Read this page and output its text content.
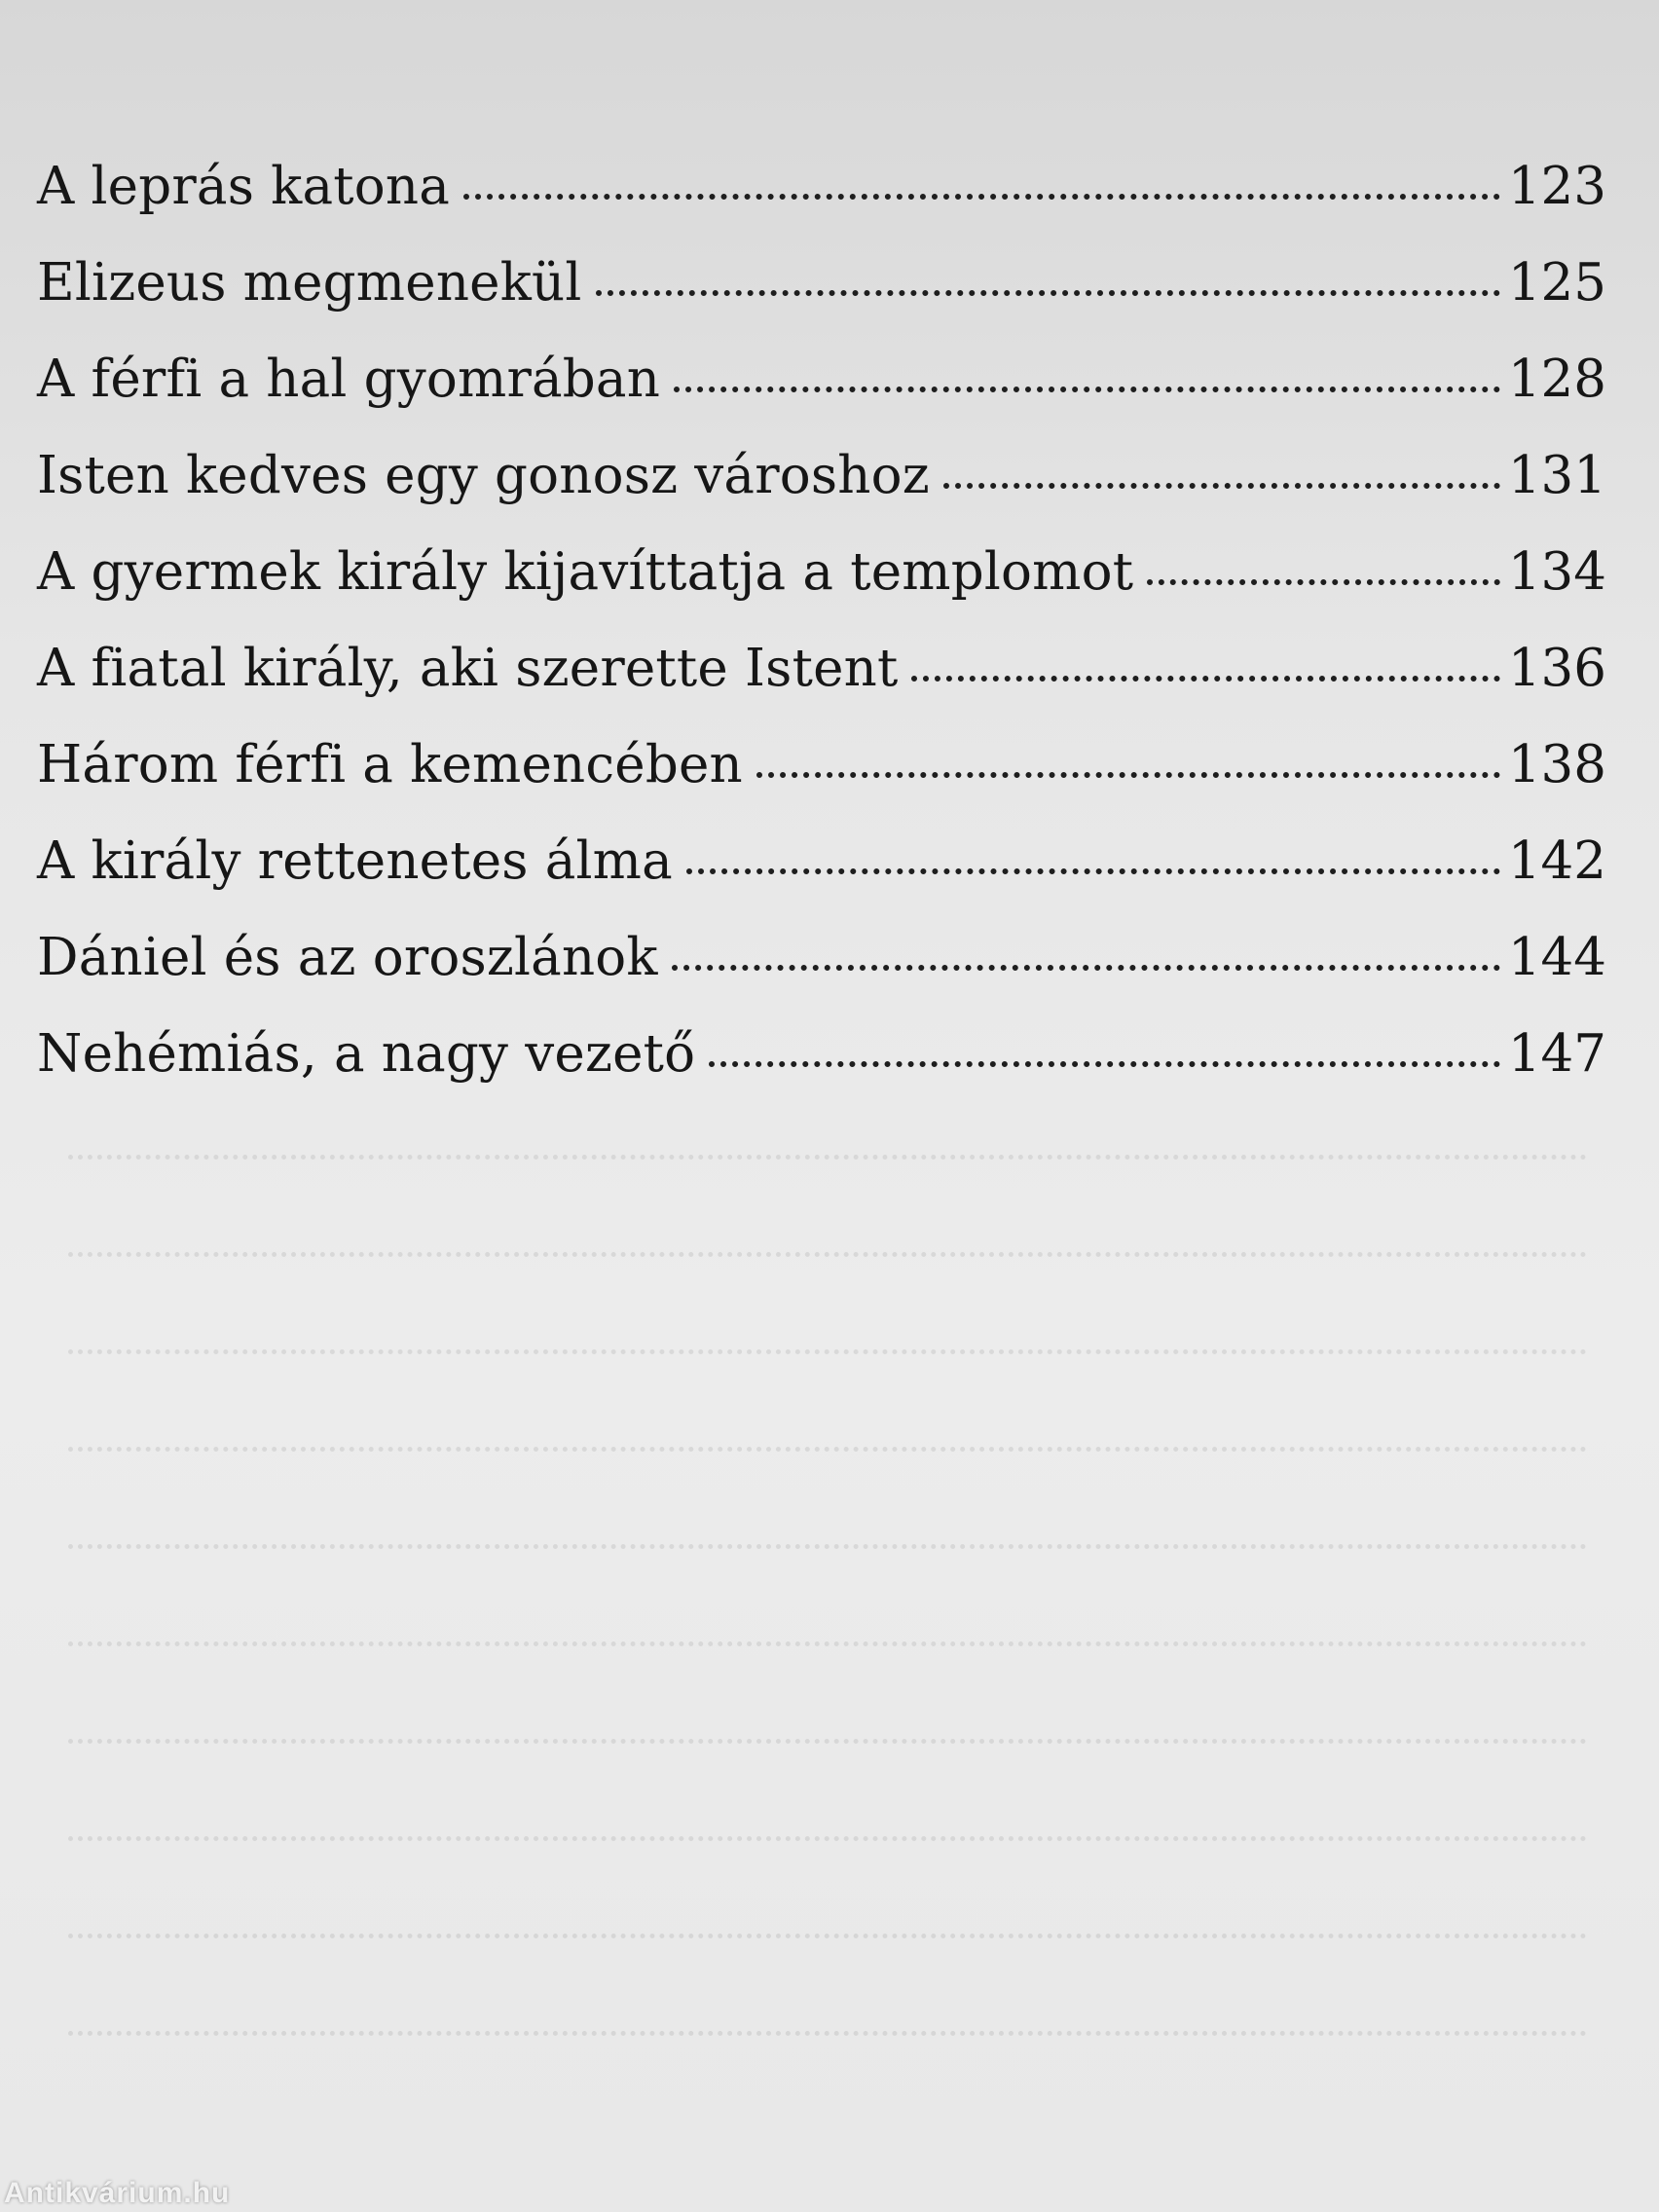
A leprás katona	123
Elizeus megmenekül	125
A férfi a hal gyomrában	128
Isten kedves egy gonosz városhoz	131
A gyermek király kijavíttatja a templomot	134
A fiatal király, aki szerette Istent	136
Három férfi a kemencében	138
A király rettenetes álma	142
Dániel és az oroszlánok	144
Nehémiás, a nagy vezető	147
Antikvárium.hu
